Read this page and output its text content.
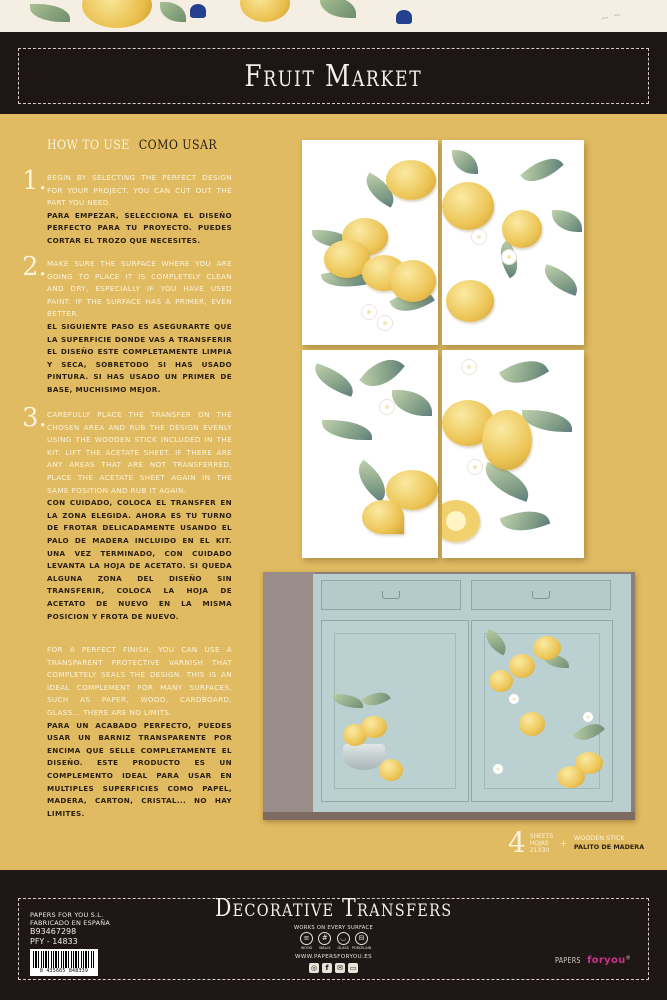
~ ~
Fruit Market
HOW TO USE COMO USAR
1. BEGIN BY SELECTING THE PERFECT DESIGN FOR YOUR PROJECT. YOU CAN CUT OUT THE PART YOU NEED.

PARA EMPEZAR, SELECCIONA EL DISEÑO PERFECTO PARA TU PROYECTO. PUEDES CORTAR EL TROZO QUE NECESITES.

2. MAKE SURE THE SURFACE WHERE YOU ARE GOING TO PLACE IT IS COMPLETELY CLEAN AND DRY, ESPECIALLY IF YOU HAVE USED PAINT. IF THE SURFACE HAS A PRIMER, EVEN BETTER.

EL SIGUIENTE PASO ES ASEGURARTE QUE LA SUPERFICIE DONDE VAS A TRANSFERIR EL DISEÑO ESTE COMPLETAMENTE LIMPIA Y SECA, SOBRETODO SI HAS USADO PINTURA. SI HAS USADO UN PRIMER DE BASE, MUCHISIMO MEJOR.

3. CAREFULLY PLACE THE TRANSFER ON THE CHOSEN AREA AND RUB THE DESIGN EVENLY USING THE WOODEN STICK INCLUDED IN THE KIT. LIFT THE ACETATE SHEET. IF THERE ARE ANY AREAS THAT ARE NOT TRANSFERRED, PLACE THE ACETATE SHEET AGAIN IN THE SAME POSITION AND RUB IT AGAIN.

CON CUIDADO, COLOCA EL TRANSFER EN LA ZONA ELEGIDA. AHORA ES TU TURNO DE FROTAR DELICADAMENTE USANDO EL PALO DE MADERA INCLUIDO EN EL KIT. UNA VEZ TERMINADO, CON CUIDADO LEVANTA LA HOJA DE ACETATO. SI QUEDA ALGUNA ZONA DEL DISEÑO SIN TRANSFERIR, COLOCA LA HOJA DE ACETATO DE NUEVO EN LA MISMA POSICION Y FROTA DE NUEVO.

FOR A PERFECT FINISH, YOU CAN USE A TRANSPARENT PROTECTIVE VARNISH THAT COMPLETELY SEALS THE DESIGN. THIS IS AN IDEAL COMPLEMENT FOR MANY SURFACES, SUCH AS PAPER, WOOD, CARDBOARD, GLASS... THERE ARE NO LIMITS.

PARA UN ACABADO PERFECTO, PUEDES USAR UN BARNIZ TRANSPARENTE POR ENCIMA QUE SELLE COMPLETAMENTE EL DISEÑO. ESTE PRODUCTO ES UN COMPLEMENTO IDEAL PARA USAR EN MULTIPLES SUPERFICIES COMO PAPEL, MADERA, CARTON, CRISTAL... NO HAY LIMITES.

4 SHEETS
HOJAS
21X30
+
WOODEN STICK
PALITO DE MADERA
PAPERS FOR YOU S.L.
FABRICADO EN ESPAÑA
B93467298
PFY - 14833
8 435665 848339
Decorative Transfers
WORKS ON EVERY SURFACE
≡
WOOD
#
WALLS
◡
GLASS
⊟
PORCELAIN
WWW.PAPERSFORYOU.ES
◎	f	✉ ▭
PAPERS foryou®
